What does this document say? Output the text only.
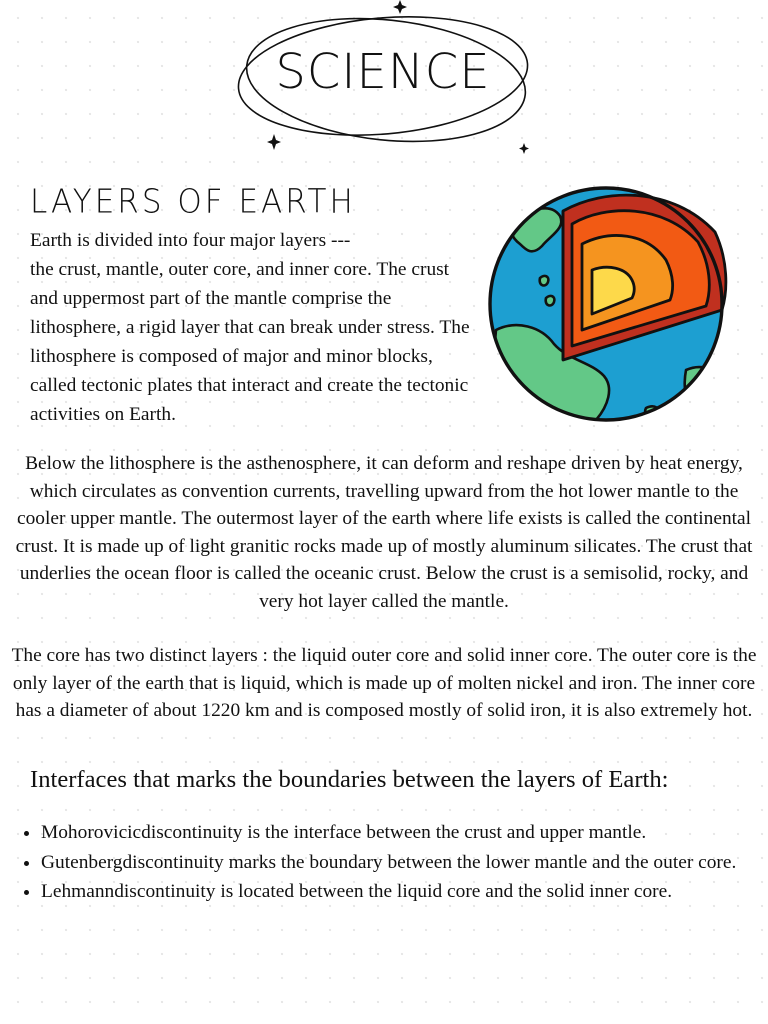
SCIENCE
LAYERS OF EARTH

Earth is divided into four major layers ---
the crust, mantle, outer core, and inner core. The crust and uppermost part of the mantle comprise the lithosphere, a rigid layer that can break under stress. The lithosphere is composed of major and minor blocks, called tectonic plates that interact and create the tectonic activities on Earth.

Below the lithosphere is the asthenosphere, it can deform and reshape driven by heat energy, which circulates as convention currents, travelling upward from the hot lower mantle to the cooler upper mantle. The outermost layer of the earth where life exists is called the continental crust. It is made up of light granitic rocks made up of mostly aluminum silicates. The crust that underlies the ocean floor is called the oceanic crust. Below the crust is a semisolid, rocky, and very hot layer called the mantle.

The core has two distinct layers : the liquid outer core and solid inner core. The outer core is the only layer of the earth that is liquid, which is made up of molten nickel and iron. The inner core has a diameter of about 1220 km and is composed mostly of solid iron, it is also extremely hot.

Interfaces that marks the boundaries between the layers of Earth:
Mohorovicicdiscontinuity is the interface between the crust and upper mantle.
Gutenbergdiscontinuity marks the boundary between the lower mantle and the outer core.
Lehmanndiscontinuity is located between the liquid core and the solid inner core.
